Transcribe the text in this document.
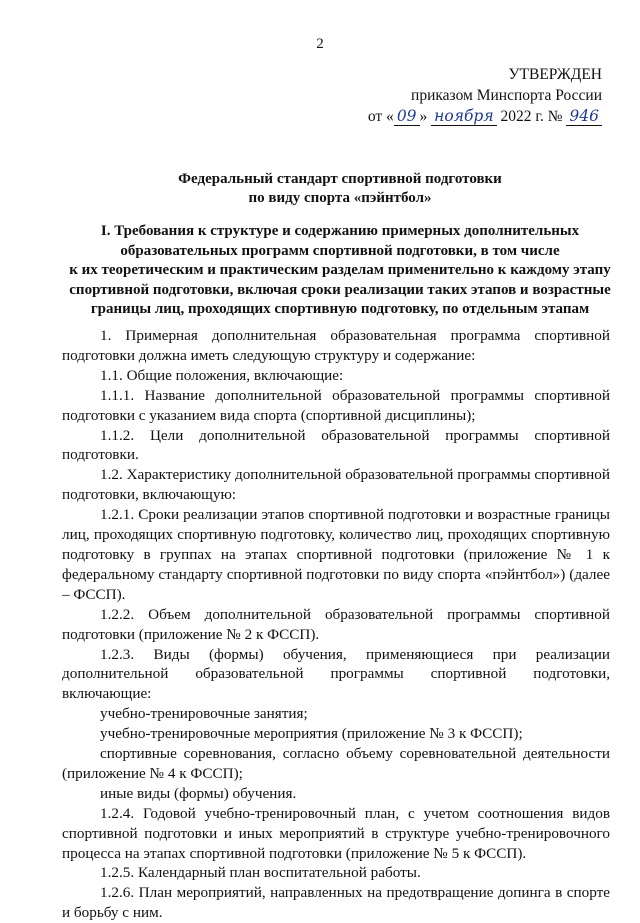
2
УТВЕРЖДЕН
приказом Минспорта России
от « 09 » ноября 2022 г. № 946
Федеральный стандарт спортивной подготовки
по виду спорта «пэйнтбол»
I. Требования к структуре и содержанию примерных дополнительных
образовательных программ спортивной подготовки, в том числе
к их теоретическим и практическим разделам применительно к каждому этапу
спортивной подготовки, включая сроки реализации таких этапов и возрастные
границы лиц, проходящих спортивную подготовку, по отдельным этапам

1. Примерная дополнительная образовательная программа спортивной подготовки должна иметь следующую структуру и содержание:

1.1. Общие положения, включающие:

1.1.1. Название дополнительной образовательной программы спортивной подготовки с указанием вида спорта (спортивной дисциплины);

1.1.2. Цели дополнительной образовательной программы спортивной подготовки.

1.2. Характеристику дополнительной образовательной программы спортивной подготовки, включающую:

1.2.1. Сроки реализации этапов спортивной подготовки и возрастные границы лиц, проходящих спортивную подготовку, количество лиц, проходящих спортивную подготовку в группах на этапах спортивной подготовки (приложение № 1 к федеральному стандарту спортивной подготовки по виду спорта «пэйнтбол») (далее – ФССП).

1.2.2. Объем дополнительной образовательной программы спортивной подготовки (приложение № 2 к ФССП).

1.2.3. Виды (формы) обучения, применяющиеся при реализации дополнительной образовательной программы спортивной подготовки, включающие:

учебно-тренировочные занятия;

учебно-тренировочные мероприятия (приложение № 3 к ФССП);

спортивные соревнования, согласно объему соревновательной деятельности (приложение № 4 к ФССП);

иные виды (формы) обучения.

1.2.4. Годовой учебно-тренировочный план, с учетом соотношения видов спортивной подготовки и иных мероприятий в структуре учебно-тренировочного процесса на этапах спортивной подготовки (приложение № 5 к ФССП).

1.2.5. Календарный план воспитательной работы.

1.2.6. План мероприятий, направленных на предотвращение допинга в спорте и борьбу с ним.
